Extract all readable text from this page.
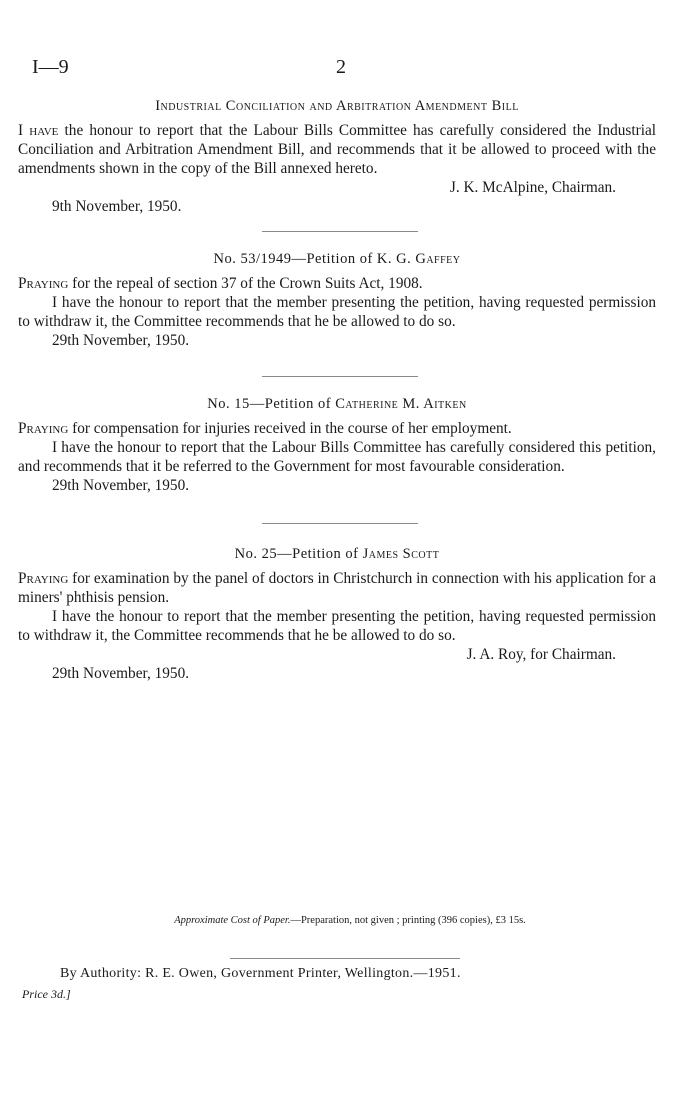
I—9	2
Industrial Conciliation and Arbitration Amendment Bill

I have the honour to report that the Labour Bills Committee has carefully considered the Industrial Conciliation and Arbitration Amendment Bill, and recommends that it be allowed to proceed with the amendments shown in the copy of the Bill annexed hereto.

J. K. McAlpine, Chairman.
9th November, 1950.
No. 53/1949—Petition of K. G. Gaffey

Praying for the repeal of section 37 of the Crown Suits Act, 1908.

I have the honour to report that the member presenting the petition, having requested permission to withdraw it, the Committee recommends that he be allowed to do so.

29th November, 1950.
No. 15—Petition of Catherine M. Aitken

Praying for compensation for injuries received in the course of her employment.

I have the honour to report that the Labour Bills Committee has carefully considered this petition, and recommends that it be referred to the Government for most favourable consideration.

29th November, 1950.
No. 25—Petition of James Scott

Praying for examination by the panel of doctors in Christchurch in connection with his application for a miners' phthisis pension.

I have the honour to report that the member presenting the petition, having requested permission to withdraw it, the Committee recommends that he be allowed to do so.

J. A. Roy, for Chairman.
29th November, 1950.
Approximate Cost of Paper.—Preparation, not given ; printing (396 copies), £3 15s.
By Authority: R. E. Owen, Government Printer, Wellington.—1951.
Price 3d.]
